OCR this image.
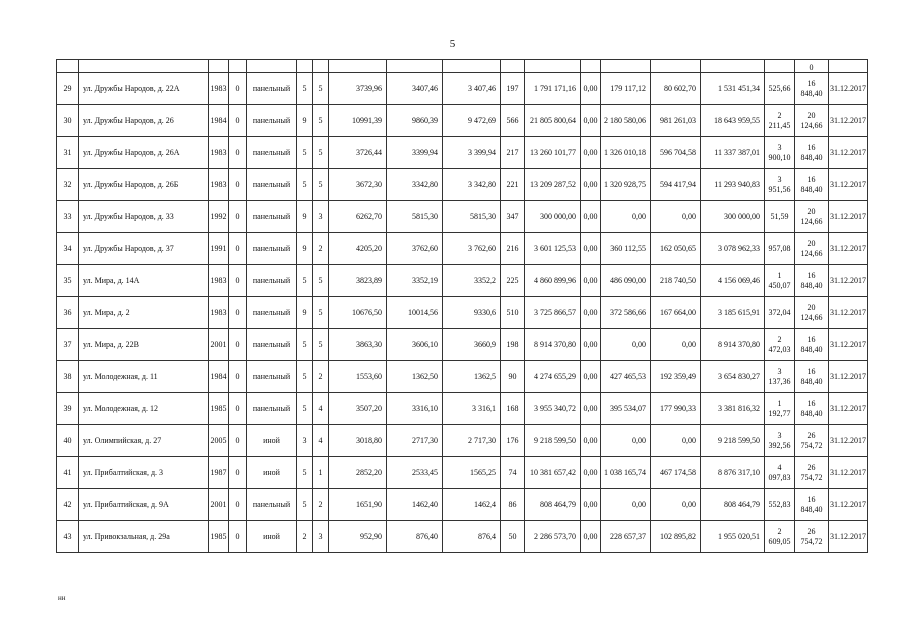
5
																	0	
29	ул. Дружбы Народов, д. 22А	1983	0	панельный	5	5	3739,96	3407,46	3 407,46	197	1 791 171,16	0,00	179 117,12	80 602,70	1 531 451,34	525,66	16 848,40	31.12.2017
30	ул. Дружбы Народов, д. 26	1984	0	панельный	9	5	10991,39	9860,39	9 472,69	566	21 805 800,64	0,00	2 180 580,06	981 261,03	18 643 959,55	2 211,45	20 124,66	31.12.2017
31	ул. Дружбы Народов, д. 26А	1983	0	панельный	5	5	3726,44	3399,94	3 399,94	217	13 260 101,77	0,00	1 326 010,18	596 704,58	11 337 387,01	3 900,10	16 848,40	31.12.2017
32	ул. Дружбы Народов, д. 26Б	1983	0	панельный	5	5	3672,30	3342,80	3 342,80	221	13 209 287,52	0,00	1 320 928,75	594 417,94	11 293 940,83	3 951,56	16 848,40	31.12.2017
33	ул. Дружбы Народов, д. 33	1992	0	панельный	9	3	6262,70	5815,30	5815,30	347	300 000,00	0,00	0,00	0,00	300 000,00	51,59	20 124,66	31.12.2017
34	ул. Дружбы Народов, д. 37	1991	0	панельный	9	2	4205,20	3762,60	3 762,60	216	3 601 125,53	0,00	360 112,55	162 050,65	3 078 962,33	957,08	20 124,66	31.12.2017
35	ул. Мира, д. 14А	1983	0	панельный	5	5	3823,89	3352,19	3352,2	225	4 860 899,96	0,00	486 090,00	218 740,50	4 156 069,46	1 450,07	16 848,40	31.12.2017
36	ул. Мира, д. 2	1983	0	панельный	9	5	10676,50	10014,56	9330,6	510	3 725 866,57	0,00	372 586,66	167 664,00	3 185 615,91	372,04	20 124,66	31.12.2017
37	ул. Мира, д. 22В	2001	0	панельный	5	5	3863,30	3606,10	3660,9	198	8 914 370,80	0,00	0,00	0,00	8 914 370,80	2 472,03	16 848,40	31.12.2017
38	ул. Молодежная, д. 11	1984	0	панельный	5	2	1553,60	1362,50	1362,5	90	4 274 655,29	0,00	427 465,53	192 359,49	3 654 830,27	3 137,36	16 848,40	31.12.2017
39	ул. Молодежная, д. 12	1985	0	панельный	5	4	3507,20	3316,10	3 316,1	168	3 955 340,72	0,00	395 534,07	177 990,33	3 381 816,32	1 192,77	16 848,40	31.12.2017
40	ул. Олимпийская, д. 27	2005	0	иной	3	4	3018,80	2717,30	2 717,30	176	9 218 599,50	0,00	0,00	0,00	9 218 599,50	3 392,56	26 754,72	31.12.2017
41	ул. Прибалтийская, д. 3	1987	0	иной	5	1	2852,20	2533,45	1565,25	74	10 381 657,42	0,00	1 038 165,74	467 174,58	8 876 317,10	4 097,83	26 754,72	31.12.2017
42	ул. Прибалтийская, д. 9А	2001	0	панельный	5	2	1651,90	1462,40	1462,4	86	808 464,79	0,00	0,00	0,00	808 464,79	552,83	16 848,40	31.12.2017
43	ул. Привокзальная, д. 29а	1985	0	иной	2	3	952,90	876,40	876,4	50	2 286 573,70	0,00	228 657,37	102 895,82	1 955 020,51	2 609,05	26 754,72	31.12.2017
нн
